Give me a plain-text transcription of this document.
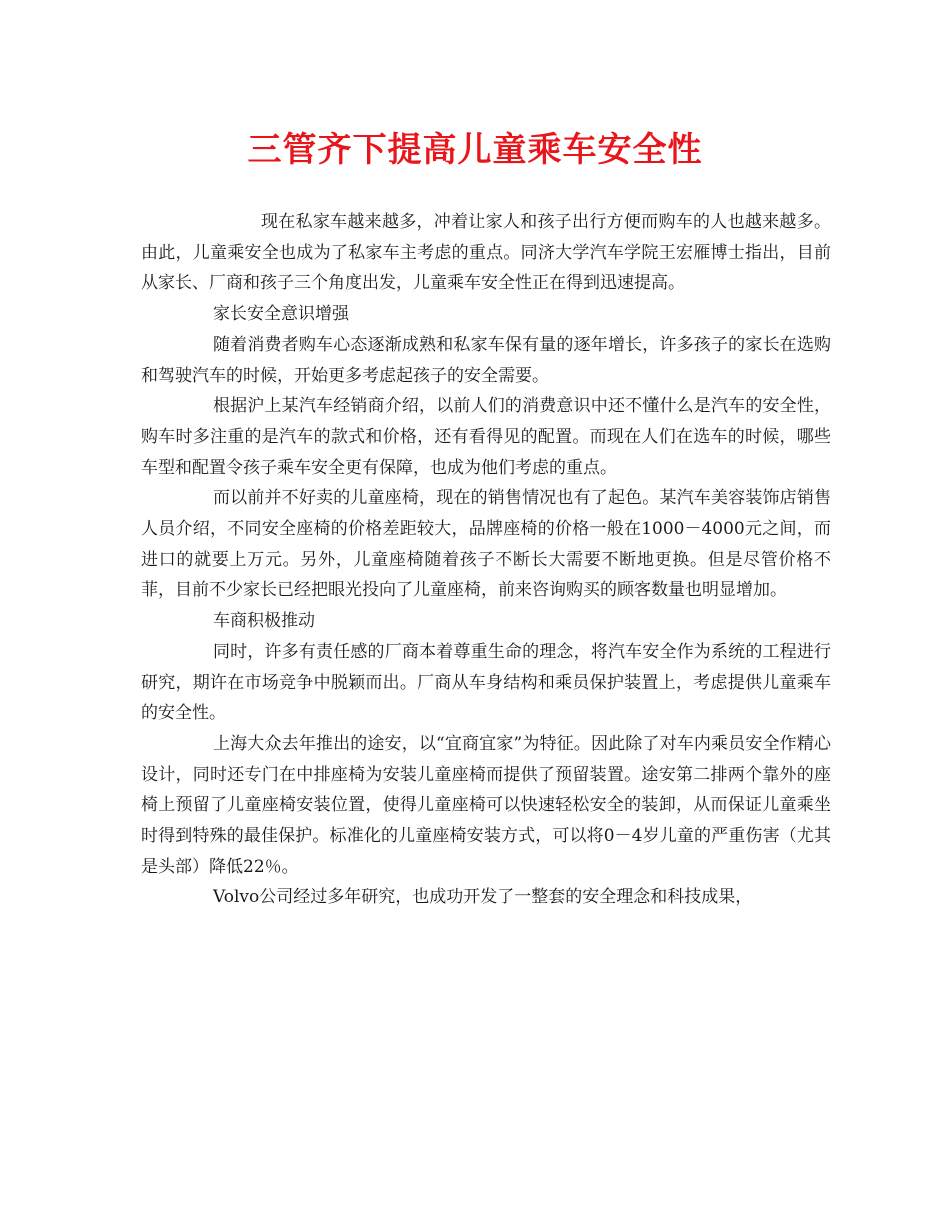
三管齐下提高儿童乘车安全性

现在私家车越来越多，冲着让家人和孩子出行方便而购车的人也越来越多。由此，儿童乘安全也成为了私家车主考虑的重点。同济大学汽车学院王宏雁博士指出，目前从家长、厂商和孩子三个角度出发，儿童乘车安全性正在得到迅速提高。

家长安全意识增强

随着消费者购车心态逐渐成熟和私家车保有量的逐年增长，许多孩子的家长在选购和驾驶汽车的时候，开始更多考虑起孩子的安全需要。

根据沪上某汽车经销商介绍，以前人们的消费意识中还不懂什么是汽车的安全性，购车时多注重的是汽车的款式和价格，还有看得见的配置。而现在人们在选车的时候，哪些车型和配置令孩子乘车安全更有保障，也成为他们考虑的重点。

而以前并不好卖的儿童座椅，现在的销售情况也有了起色。某汽车美容装饰店销售人员介绍，不同安全座椅的价格差距较大，品牌座椅的价格一般在1000－4000元之间，而进口的就要上万元。另外，儿童座椅随着孩子不断长大需要不断地更换。但是尽管价格不菲，目前不少家长已经把眼光投向了儿童座椅，前来咨询购买的顾客数量也明显增加。

车商积极推动

同时，许多有责任感的厂商本着尊重生命的理念，将汽车安全作为系统的工程进行研究，期许在市场竞争中脱颖而出。厂商从车身结构和乘员保护装置上，考虑提供儿童乘车的安全性。

上海大众去年推出的途安，以“宜商宜家”为特征。因此除了对车内乘员安全作精心设计，同时还专门在中排座椅为安装儿童座椅而提供了预留装置。途安第二排两个靠外的座椅上预留了儿童座椅安装位置，使得儿童座椅可以快速轻松安全的装卸，从而保证儿童乘坐时得到特殊的最佳保护。标准化的儿童座椅安装方式，可以将0－4岁儿童的严重伤害（尤其是头部）降低22％。

Volvo公司经过多年研究，也成功开发了一整套的安全理念和科技成果，
